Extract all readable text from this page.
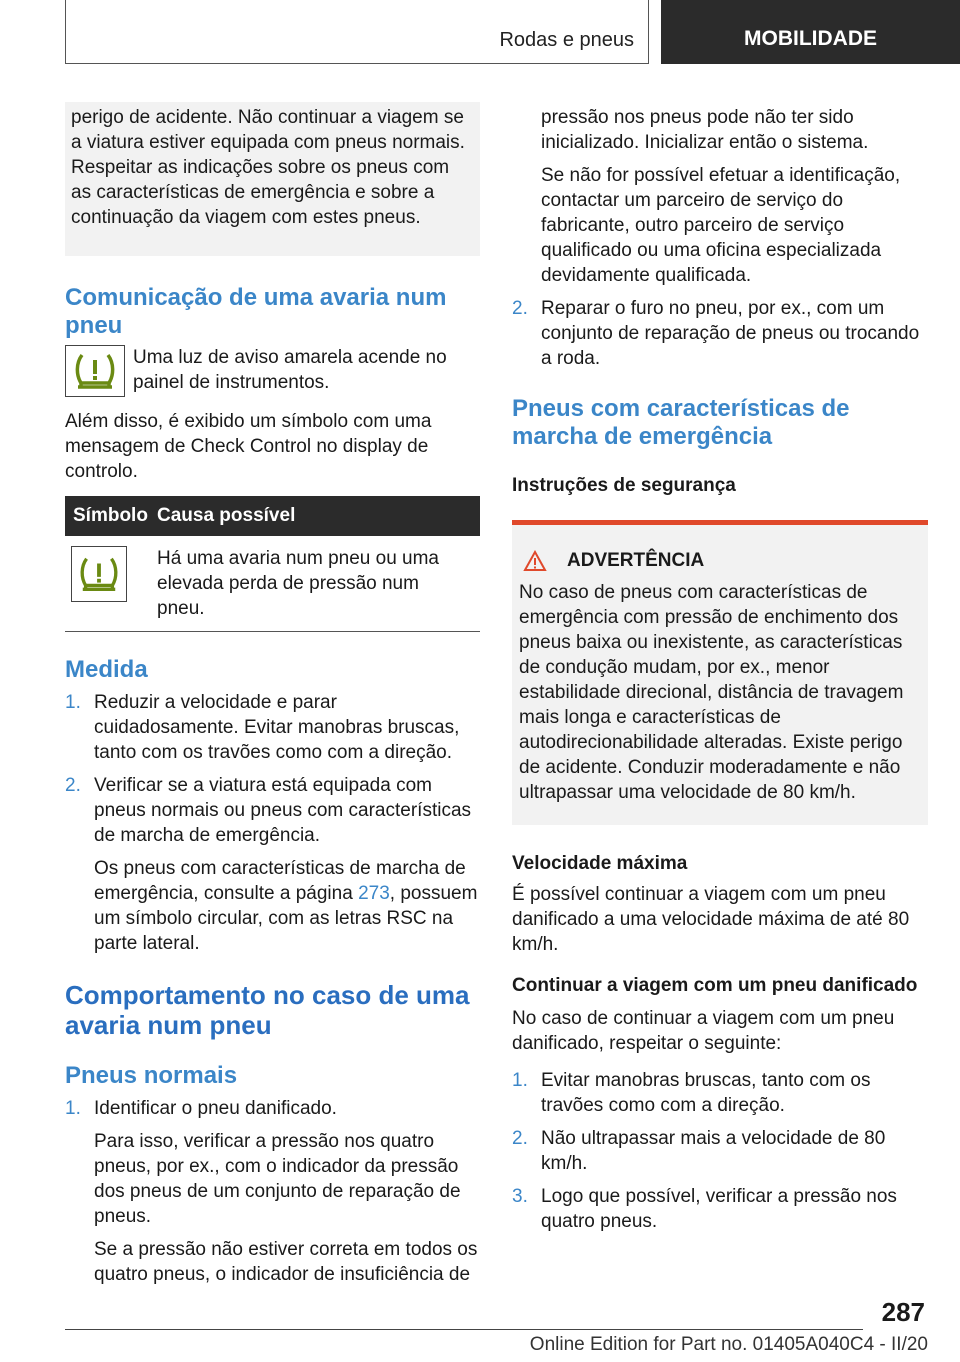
Rodas e pneus	MOBILIDADE

perigo de acidente. Não continuar a viagem se a viatura estiver equipada com pneus normais. Respeitar as indicações sobre os pneus com as características de emergência e sobre a continuação da viagem com estes pneus.

Comunicação de uma avaria num pneu

Uma luz de aviso amarela acende no painel de instrumentos.

Além disso, é exibido um símbolo com uma mensagem de Check Control no display de controlo.

Símbolo Causa possível

Há uma avaria num pneu ou uma elevada perda de pressão num pneu.

Medida
1. Reduzir a velocidade e parar cuidadosamente. Evitar manobras bruscas, tanto com os travões como com a direção.

2. Verificar se a viatura está equipada com pneus normais ou pneus com características de marcha de emergência.

Os pneus com características de marcha de emergência, consulte a página 273, possuem um símbolo circular, com as letras RSC na parte lateral.

Comportamento no caso de uma avaria num pneu
Pneus normais
1. Identificar o pneu danificado.

Para isso, verificar a pressão nos quatro pneus, por ex., com o indicador da pressão dos pneus de um conjunto de reparação de pneus.

Se a pressão não estiver correta em todos os quatro pneus, o indicador de insuficiência de

pressão nos pneus pode não ter sido inicializado. Inicializar então o sistema.

Se não for possível efetuar a identificação, contactar um parceiro de serviço do fabricante, outro parceiro de serviço qualificado ou uma oficina especializada devidamente qualificada.

2. Reparar o furo no pneu, por ex., com um conjunto de reparação de pneus ou trocando a roda.

Pneus com características de marcha de emergência
Instruções de segurança
ADVERTÊNCIA

No caso de pneus com características de emergência com pressão de enchimento dos pneus baixa ou inexistente, as características de condução mudam, por ex., menor estabilidade direcional, distância de travagem mais longa e características de autodirecionabilidade alteradas. Existe perigo de acidente. Conduzir moderadamente e não ultrapassar uma velocidade de 80 km/h.

Velocidade máxima

É possível continuar a viagem com um pneu danificado a uma velocidade máxima de até 80 km/h.

Continuar a viagem com um pneu danificado

No caso de continuar a viagem com um pneu danificado, respeitar o seguinte:

1. Evitar manobras bruscas, tanto com os travões como com a direção.

2. Não ultrapassar mais a velocidade de 80 km/h.

3. Logo que possível, verificar a pressão nos quatro pneus.

287
Online Edition for Part no. 01405A040C4 - II/20
